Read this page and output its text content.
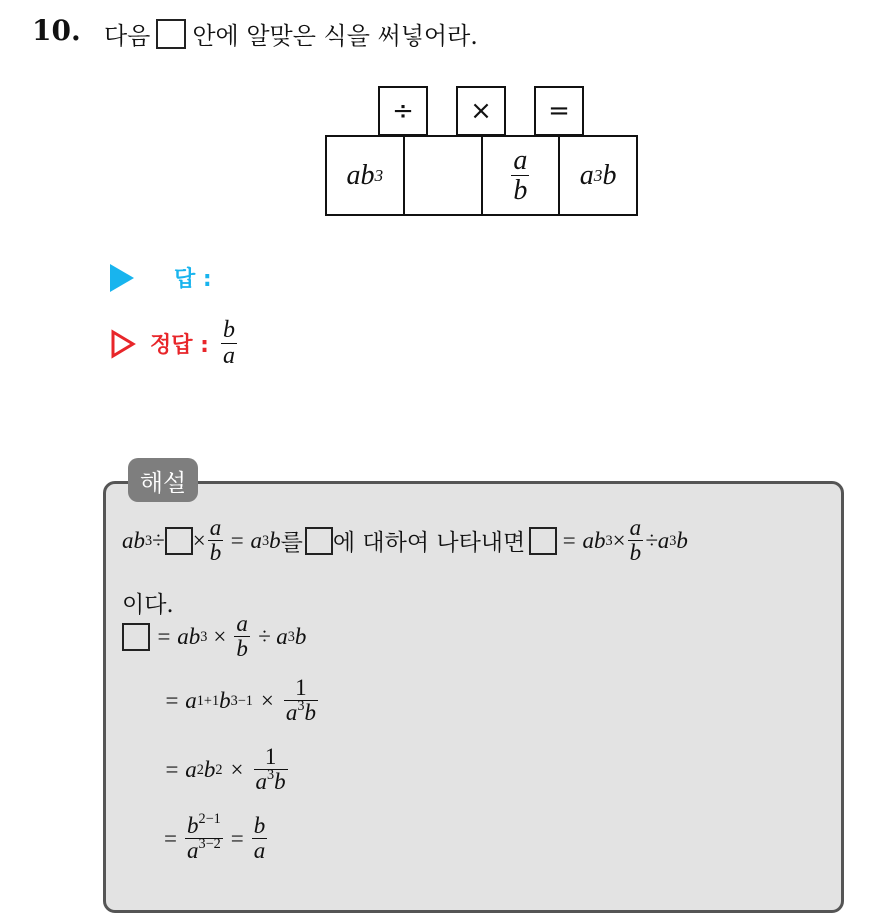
10. 다음 안에 알맞은 식을 써넣어라.
÷ × =
ab 3	$\frac{a}{b}$ a 3 b
답 :
정답 : $\frac{b}{a}$
해설
ab 3 ÷ × $\frac{a}{b} = a$ 3 b 를 에 대하여 나타내면 = ab $3 \times \frac{a}{b} \div a$ 3 b
이다.
= ab $3 \times \frac{a}{b} \div a$ 3 b
= a 1+1 b $3-1 \times \frac{1}{a^3b}$
= a 2 b $2 \times \frac{1}{a^3b}$
= $\frac{b^{2-1}}{a^{3-2}} = \frac{b}{a}$
